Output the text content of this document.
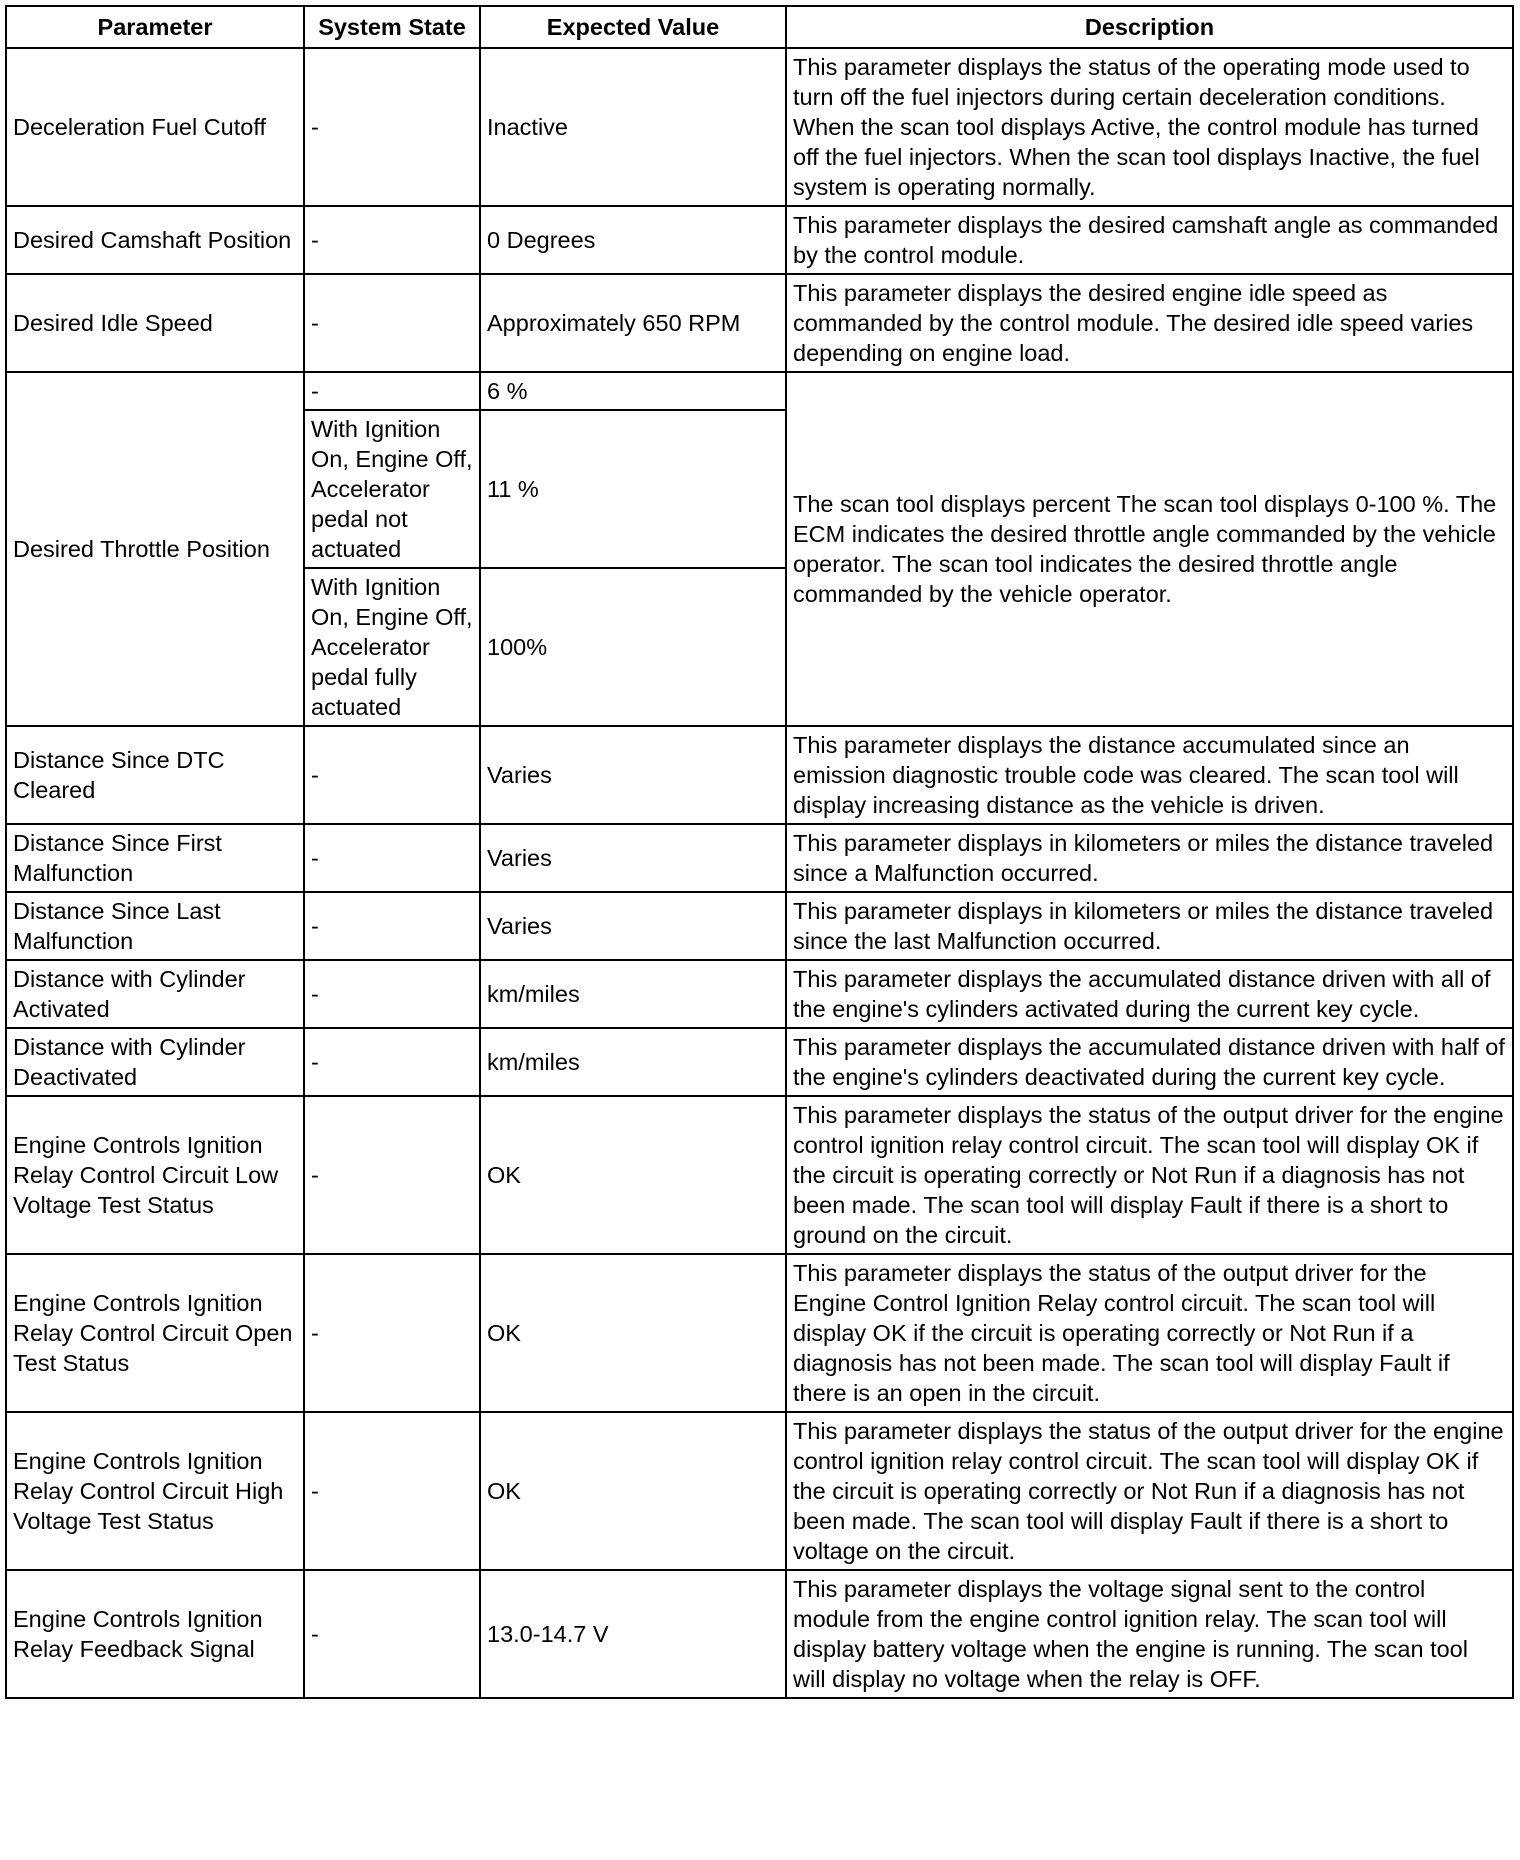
Parameter	System State	Expected Value	Description
Deceleration Fuel Cutoff	-	Inactive	This parameter displays the status of the operating mode used to turn off the fuel injectors during certain deceleration conditions. When the scan tool displays Active, the control module has turned off the fuel injectors. When the scan tool displays Inactive, the fuel system is operating normally.
Desired Camshaft Position	-	0 Degrees	This parameter displays the desired camshaft angle as commanded by the control module.
Desired Idle Speed	-	Approximately 650 RPM	This parameter displays the desired engine idle speed as commanded by the control module. The desired idle speed varies depending on engine load.
Desired Throttle Position	-	6 %	The scan tool displays percent The scan tool displays 0-100 %. The ECM indicates the desired throttle angle commanded by the vehicle operator. The scan tool indicates the desired throttle angle commanded by the vehicle operator.
	With Ignition On, Engine Off, Accelerator pedal not actuated	11 %	
	With Ignition On, Engine Off, Accelerator pedal fully actuated	100%	
Distance Since DTC Cleared	-	Varies	This parameter displays the distance accumulated since an emission diagnostic trouble code was cleared. The scan tool will display increasing distance as the vehicle is driven.
Distance Since First Malfunction	-	Varies	This parameter displays in kilometers or miles the distance traveled since a Malfunction occurred.
Distance Since Last Malfunction	-	Varies	This parameter displays in kilometers or miles the distance traveled since the last Malfunction occurred.
Distance with Cylinder Activated	-	km/miles	This parameter displays the accumulated distance driven with all of the engine's cylinders activated during the current key cycle.
Distance with Cylinder Deactivated	-	km/miles	This parameter displays the accumulated distance driven with half of the engine's cylinders deactivated during the current key cycle.
Engine Controls Ignition Relay Control Circuit Low Voltage Test Status	-	OK	This parameter displays the status of the output driver for the engine control ignition relay control circuit. The scan tool will display OK if the circuit is operating correctly or Not Run if a diagnosis has not been made. The scan tool will display Fault if there is a short to ground on the circuit.
Engine Controls Ignition Relay Control Circuit Open Test Status	-	OK	This parameter displays the status of the output driver for the Engine Control Ignition Relay control circuit. The scan tool will display OK if the circuit is operating correctly or Not Run if a diagnosis has not been made. The scan tool will display Fault if there is an open in the circuit.
Engine Controls Ignition Relay Control Circuit High Voltage Test Status	-	OK	This parameter displays the status of the output driver for the engine control ignition relay control circuit. The scan tool will display OK if the circuit is operating correctly or Not Run if a diagnosis has not been made. The scan tool will display Fault if there is a short to voltage on the circuit.
Engine Controls Ignition Relay Feedback Signal	-	13.0-14.7 V	This parameter displays the voltage signal sent to the control module from the engine control ignition relay. The scan tool will display battery voltage when the engine is running. The scan tool will display no voltage when the relay is OFF.
